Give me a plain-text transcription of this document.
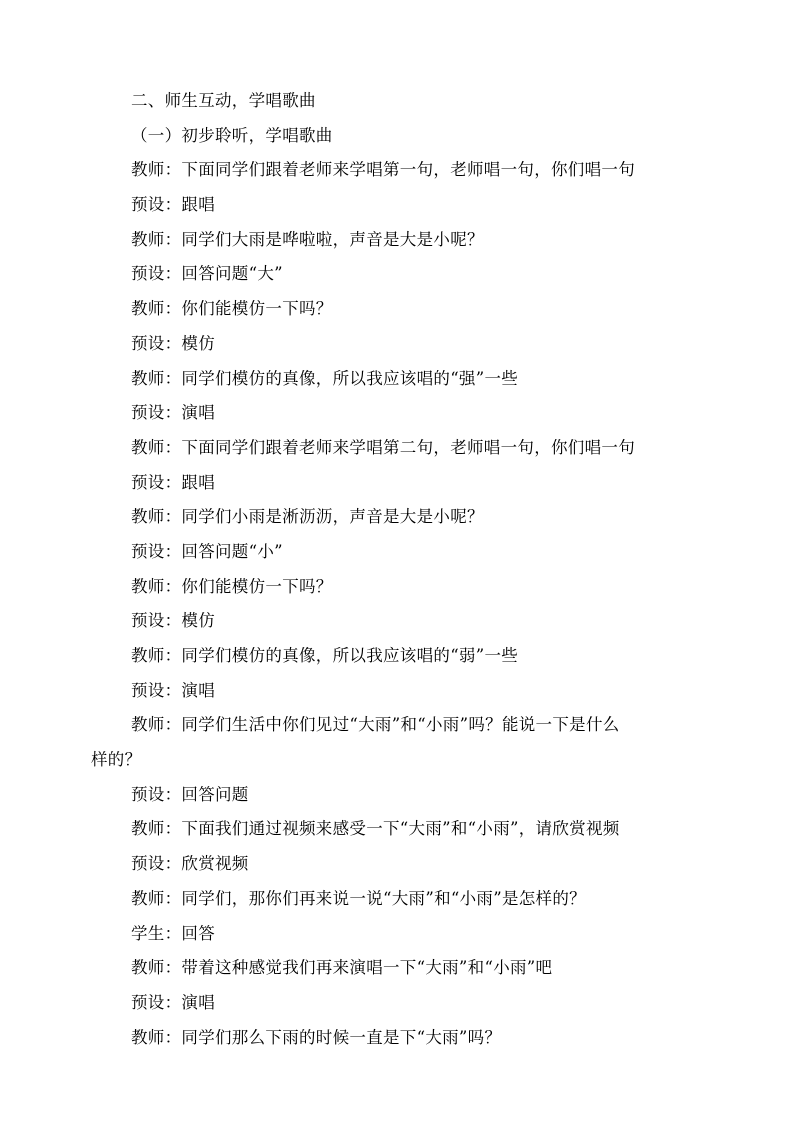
二、师生互动，学唱歌曲
（一）初步聆听，学唱歌曲
教师：下面同学们跟着老师来学唱第一句，老师唱一句，你们唱一句
预设：跟唱
教师：同学们大雨是哗啦啦，声音是大是小呢？
预设：回答问题“大”
教师：你们能模仿一下吗？
预设：模仿
教师：同学们模仿的真像，所以我应该唱的“强”一些
预设：演唱
教师：下面同学们跟着老师来学唱第二句，老师唱一句，你们唱一句
预设：跟唱
教师：同学们小雨是淅沥沥，声音是大是小呢？
预设：回答问题“小”
教师：你们能模仿一下吗？
预设：模仿
教师：同学们模仿的真像，所以我应该唱的“弱”一些
预设：演唱
教师：同学们生活中你们见过“大雨”和“小雨”吗？能说一下是什么
样的？
预设：回答问题
教师：下面我们通过视频来感受一下“大雨”和“小雨”，请欣赏视频
预设：欣赏视频
教师：同学们，那你们再来说一说“大雨”和“小雨”是怎样的？
学生：回答
教师：带着这种感觉我们再来演唱一下“大雨”和“小雨”吧
预设：演唱
教师：同学们那么下雨的时候一直是下“大雨”吗？
